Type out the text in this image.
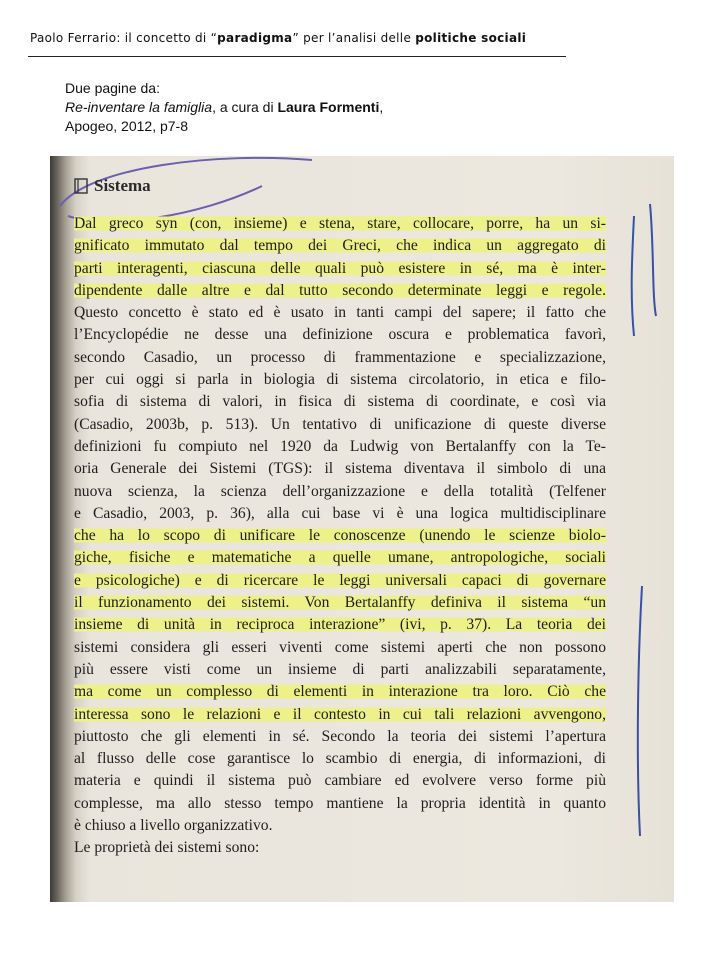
Paolo Ferrario: il concetto di “paradigma” per l’analisi delle politiche sociali
Due pagine da:
Re-inventare la famiglia, a cura di Laura Formenti,
Apogeo, 2012, p7-8
Sistema
Dal greco syn (con, insieme) e stena, stare, collocare, porre, ha un si-
gnificato immutato dal tempo dei Greci, che indica un aggregato di
parti interagenti, ciascuna delle quali può esistere in sé, ma è inter-
dipendente dalle altre e dal tutto secondo determinate leggi e regole.
Questo concetto è stato ed è usato in tanti campi del sapere; il fatto che
l’Encyclopédie ne desse una definizione oscura e problematica favorì,
secondo Casadio, un processo di frammentazione e specializzazione,
per cui oggi si parla in biologia di sistema circolatorio, in etica e filo-
sofia di sistema di valori, in fisica di sistema di coordinate, e così via
(Casadio, 2003b, p. 513). Un tentativo di unificazione di queste diverse
definizioni fu compiuto nel 1920 da Ludwig von Bertalanffy con la Te-
oria Generale dei Sistemi (TGS): il sistema diventava il simbolo di una
nuova scienza, la scienza dell’organizzazione e della totalità (Telfener
e Casadio, 2003, p. 36), alla cui base vi è una logica multidisciplinare
che ha lo scopo di unificare le conoscenze (unendo le scienze biolo-
giche, fisiche e matematiche a quelle umane, antropologiche, sociali
e psicologiche) e di ricercare le leggi universali capaci di governare
il funzionamento dei sistemi. Von Bertalanffy definiva il sistema “un
insieme di unità in reciproca interazione” (ivi, p. 37). La teoria dei
sistemi considera gli esseri viventi come sistemi aperti che non possono
più essere visti come un insieme di parti analizzabili separatamente,
ma come un complesso di elementi in interazione tra loro. Ciò che
interessa sono le relazioni e il contesto in cui tali relazioni avvengono,
piuttosto che gli elementi in sé. Secondo la teoria dei sistemi l’apertura
al flusso delle cose garantisce lo scambio di energia, di informazioni, di
materia e quindi il sistema può cambiare ed evolvere verso forme più
complesse, ma allo stesso tempo mantiene la propria identità in quanto
è chiuso a livello organizzativo.
Le proprietà dei sistemi sono:
